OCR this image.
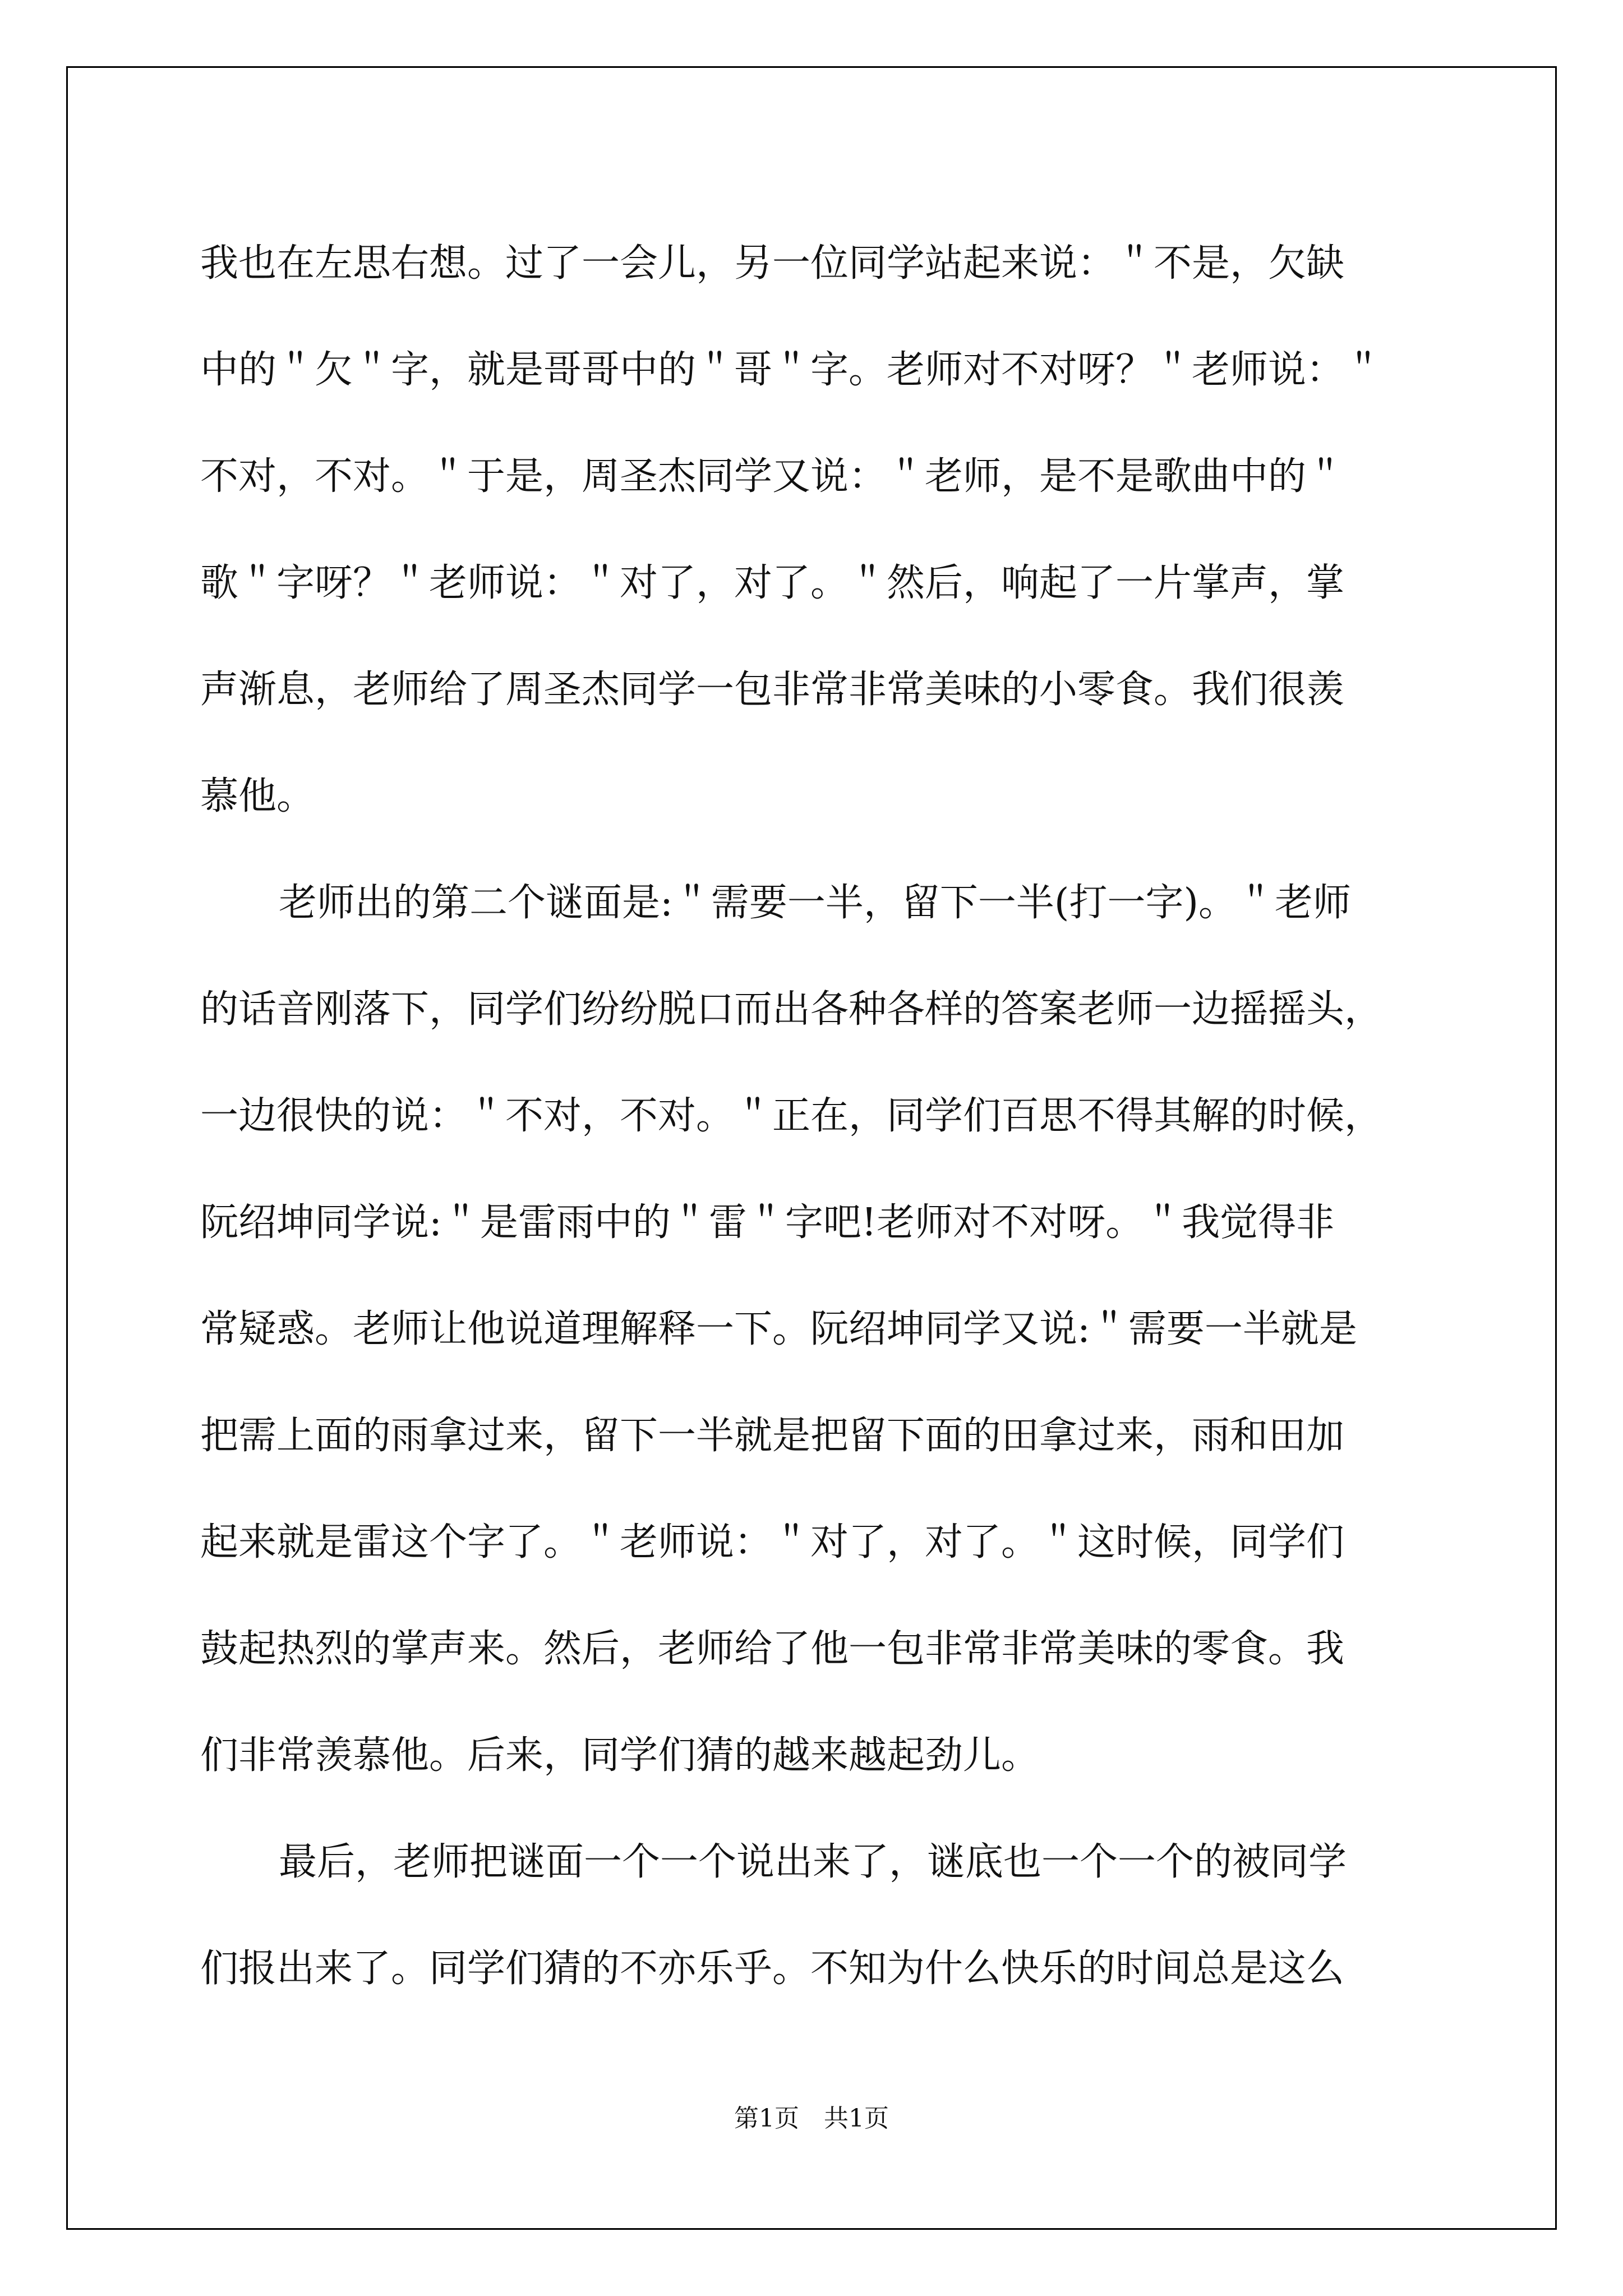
我也在左思右想。过了一会儿，另一位同学站起来说：＂不是，欠缺
中的＂欠＂字，就是哥哥中的＂哥＂字。老师对不对呀？＂老师说：＂
不对，不对。＂于是，周圣杰同学又说：＂老师，是不是歌曲中的＂
歌＂字呀？＂老师说：＂对了，对了。＂然后，响起了一片掌声，掌
声渐息，老师给了周圣杰同学一包非常非常美味的小零食。我们很羡
慕他。
老师出的第二个谜面是:＂需要一半，留下一半(打一字)。＂老师
的话音刚落下，同学们纷纷脱口而出各种各样的答案老师一边摇摇头，
一边很快的说：＂不对，不对。＂正在，同学们百思不得其解的时候，
阮绍坤同学说:＂是雷雨中的＂雷＂字吧!老师对不对呀。＂我觉得非
常疑惑。老师让他说道理解释一下。阮绍坤同学又说:＂需要一半就是
把需上面的雨拿过来，留下一半就是把留下面的田拿过来，雨和田加
起来就是雷这个字了。＂老师说：＂对了，对了。＂这时候，同学们
鼓起热烈的掌声来。然后，老师给了他一包非常非常美味的零食。我
们非常羡慕他。后来，同学们猜的越来越起劲儿。
最后，老师把谜面一个一个说出来了，谜底也一个一个的被同学
们报出来了。同学们猜的不亦乐乎。不知为什么快乐的时间总是这么
第1页　共1页
